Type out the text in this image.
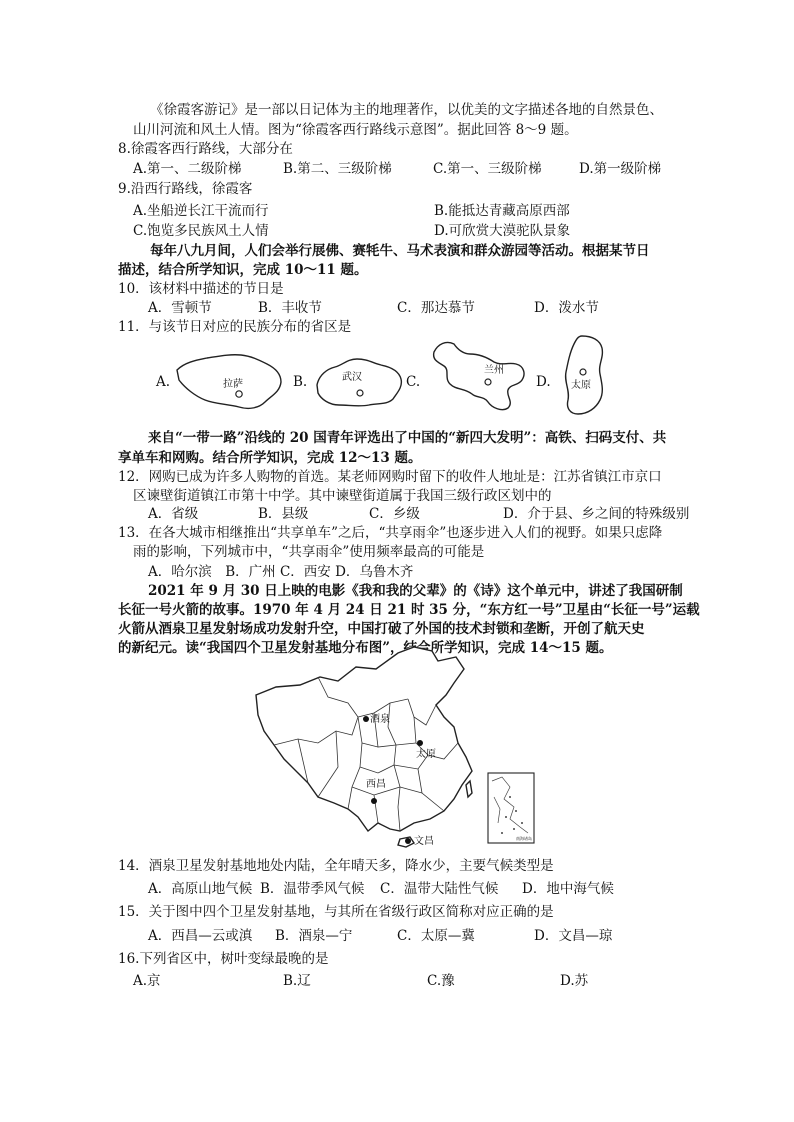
《徐霞客游记》是一部以日记体为主的地理著作，以优美的文字描述各地的自然景色、
山川河流和风土人情。图为“徐霞客西行路线示意图”。据此回答 8～9 题。
8.徐霞客西行路线，大部分在
A.第一、二级阶梯	B.第二、三级阶梯	C.第一、三级阶梯	D.第一级阶梯
9.沿西行路线，徐霞客
A.坐船逆长江干流而行	B.能抵达青藏高原西部
C.饱览多民族风土人情	D.可欣赏大漠驼队景象
每年八九月间，人们会举行展佛、赛牦牛、马术表演和群众游园等活动。根据某节日
描述，结合所学知识，完成 10～11 题。
10．该材料中描述的节日是
A．雪顿节	B．丰收节	C．那达慕节	D．泼水节
11．与该节日对应的民族分布的省区是
A.	B.	C.	D.
拉萨
武汉
兰州
太原
来自“一带一路”沿线的 20 国青年评选出了中国的“新四大发明”：高铁、扫码支付、共
享单车和网购。结合所学知识，完成 12～13 题。
12．网购已成为许多人购物的首选。某老师网购时留下的收件人地址是：江苏省镇江市京口
区谏壁街道镇江市第十中学。其中谏壁街道属于我国三级行政区划中的
A．省级	B．县级	C．乡级	D．介于县、乡之间的特殊级别
13．在各大城市相继推出“共享单车”之后，“共享雨伞”也逐步进入人们的视野。如果只虑降
雨的影响，下列城市中，“共享雨伞”使用频率最高的可能是
A．哈尔滨　B．广州 C．西安 D．乌鲁木齐
2021 年 9 月 30 日上映的电影《我和我的父辈》的《诗》这个单元中，讲述了我国研制
长征一号火箭的故事。1970 年 4 月 24 日 21 时 35 分，“东方红一号”卫星由“长征一号”运载
火箭从酒泉卫星发射场成功发射升空，中国打破了外国的技术封锁和垄断，开创了航天史
的新纪元。读“我国四个卫星发射基地分布图”，结合所学知识，完成 14～15 题。
酒泉
太原
西昌
文昌	南海诸岛
14．酒泉卫星发射基地地处内陆，全年晴天多，降水少，主要气候类型是
A．高原山地气候 B．温带季风气候 C．温带大陆性气候 D．地中海气候
15．关于图中四个卫星发射基地，与其所在省级行政区简称对应正确的是
A．西昌—云或滇 B．酒泉—宁	C．太原—冀	D．文昌—琼
16.下列省区中，树叶变绿最晚的是
A.京	B.辽	C.豫	D.苏
